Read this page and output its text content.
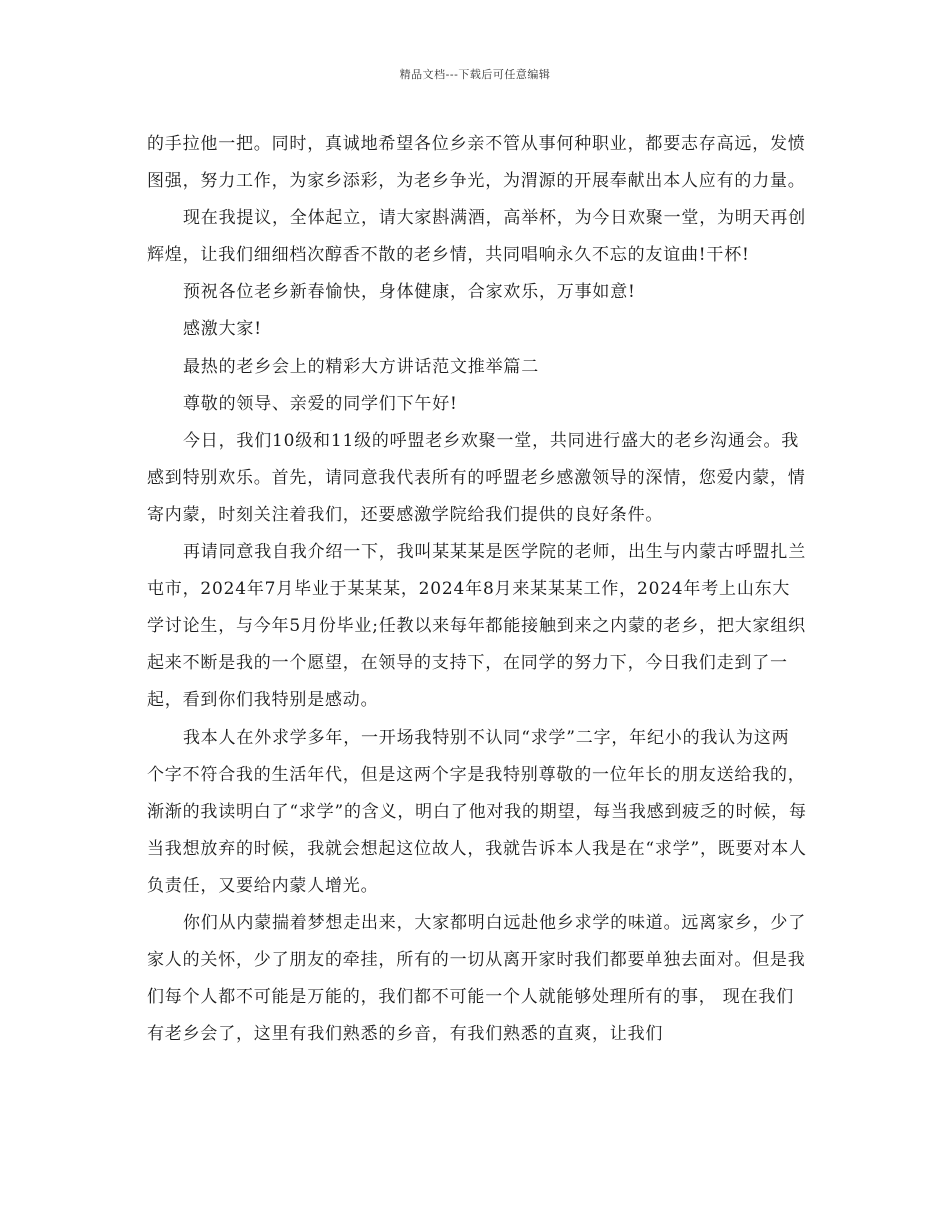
精品文档---下载后可任意编辑

的手拉他一把。同时，真诚地希望各位乡亲不管从事何种职业，都要志存高远，发愤图强，努力工作，为家乡添彩，为老乡争光，为渭源的开展奉献出本人应有的力量。

现在我提议，全体起立，请大家斟满酒，高举杯，为今日欢聚一堂，为明天再创辉煌，让我们细细档次醇香不散的老乡情，共同唱响永久不忘的友谊曲!干杯!

预祝各位老乡新春愉快，身体健康，合家欢乐，万事如意!

感激大家!

最热的老乡会上的精彩大方讲话范文推举篇二

尊敬的领导、亲爱的同学们下午好!

今日，我们10级和11级的呼盟老乡欢聚一堂，共同进行盛大的老乡沟通会。我感到特别欢乐。首先，请同意我代表所有的呼盟老乡感激领导的深情，您爱内蒙，情寄内蒙，时刻关注着我们，还要感激学院给我们提供的良好条件。

再请同意我自我介绍一下，我叫某某某是医学院的老师，出生与内蒙古呼盟扎兰屯市，2024年7月毕业于某某某，2024年8月来某某某工作，2024年考上山东大学讨论生，与今年5月份毕业;任教以来每年都能接触到来之内蒙的老乡，把大家组织起来不断是我的一个愿望，在领导的支持下，在同学的努力下，今日我们走到了一起，看到你们我特别是感动。

我本人在外求学多年，一开场我特别不认同“求学”二字，年纪小的我认为这两个字不符合我的生活年代，但是这两个字是我特别尊敬的一位年长的朋友送给我的，渐渐的我读明白了“求学”的含义，明白了他对我的期望，每当我感到疲乏的时候，每当我想放弃的时候，我就会想起这位故人，我就告诉本人我是在“求学”，既要对本人负责任，又要给内蒙人增光。

你们从内蒙揣着梦想走出来，大家都明白远赴他乡求学的味道。远离家乡，少了家人的关怀，少了朋友的牵挂，所有的一切从离开家时我们都要单独去面对。但是我们每个人都不可能是万能的，我们都不可能一个人就能够处理所有的事， 现在我们有老乡会了，这里有我们熟悉的乡音，有我们熟悉的直爽，让我们
